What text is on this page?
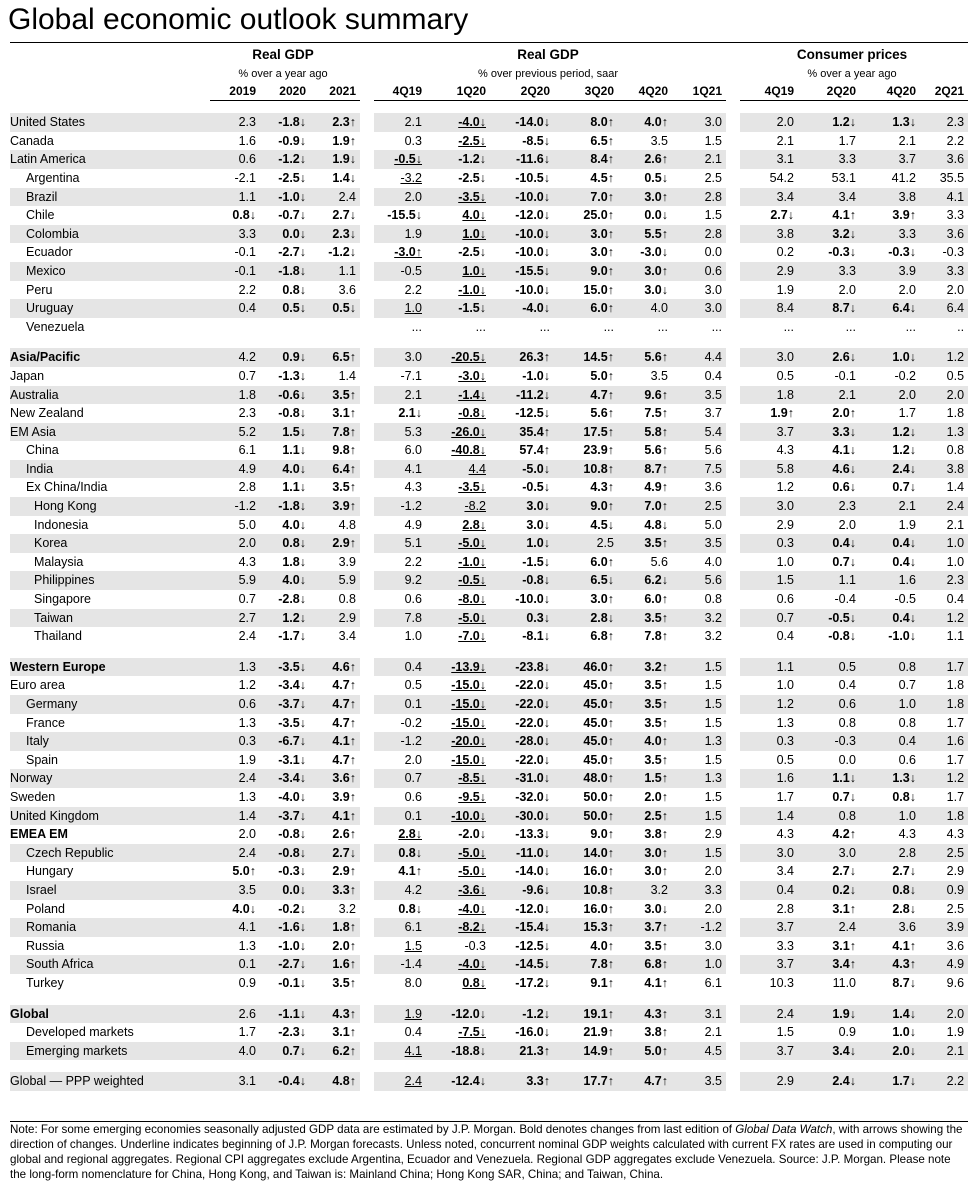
Global economic outlook summary
	Real GDP				Real GDP							Consumer prices			
	% over a year ago				% over previous period, saar							% over a year ago			
	2019	2020	2021		4Q19	1Q20	2Q20	3Q20	4Q20	1Q21		4Q19	2Q20	4Q20	2Q21

United States	2.3	-1.8↓	2.3↑		2.1	-4.0↓	-14.0↓	8.0↑	4.0↑	3.0		2.0	1.2↓	1.3↓	2.3
Canada	1.6	-0.9↓	1.9↑		0.3	-2.5↓	-8.5↓	6.5↑	3.5	1.5		2.1	1.7	2.1	2.2
Latin America	0.6	-1.2↓	1.9↓		-0.5↓	-1.2↓	-11.6↓	8.4↑	2.6↑	2.1		3.1	3.3	3.7	3.6
Argentina	-2.1	-2.5↓	1.4↓		-3.2	-2.5↓	-10.5↓	4.5↑	0.5↓	2.5		54.2	53.1	41.2	35.5
Brazil	1.1	-1.0↓	2.4		2.0	-3.5↓	-10.0↓	7.0↑	3.0↑	2.8		3.4	3.4	3.8	4.1
Chile	0.8↓	-0.7↓	2.7↓		-15.5↓	4.0↓	-12.0↓	25.0↑	0.0↓	1.5		2.7↓	4.1↑	3.9↑	3.3
Colombia	3.3	0.0↓	2.3↓		1.9	1.0↓	-10.0↓	3.0↑	5.5↑	2.8		3.8	3.2↓	3.3	3.6
Ecuador	-0.1	-2.7↓	-1.2↓		-3.0↑	-2.5↓	-10.0↓	3.0↑	-3.0↓	0.0		0.2	-0.3↓	-0.3↓	-0.3
Mexico	-0.1	-1.8↓	1.1		-0.5	1.0↓	-15.5↓	9.0↑	3.0↑	0.6		2.9	3.3	3.9	3.3
Peru	2.2	0.8↓	3.6		2.2	-1.0↓	-10.0↓	15.0↑	3.0↓	3.0		1.9	2.0	2.0	2.0
Uruguay	0.4	0.5↓	0.5↓		1.0	-1.5↓	-4.0↓	6.0↑	4.0	3.0		8.4	8.7↓	6.4↓	6.4
Venezuela					...	...	...	...	...	...		...	...	...	..

Asia/Pacific	4.2	0.9↓	6.5↑		3.0	-20.5↓	26.3↑	14.5↑	5.6↑	4.4		3.0	2.6↓	1.0↓	1.2
Japan	0.7	-1.3↓	1.4		-7.1	-3.0↓	-1.0↓	5.0↑	3.5	0.4		0.5	-0.1	-0.2	0.5
Australia	1.8	-0.6↓	3.5↑		2.1	-1.4↓	-11.2↓	4.7↑	9.6↑	3.5		1.8	2.1	2.0	2.0
New Zealand	2.3	-0.8↓	3.1↑		2.1↓	-0.8↓	-12.5↓	5.6↑	7.5↑	3.7		1.9↑	2.0↑	1.7	1.8
EM Asia	5.2	1.5↓	7.8↑		5.3	-26.0↓	35.4↑	17.5↑	5.8↑	5.4		3.7	3.3↓	1.2↓	1.3
China	6.1	1.1↓	9.8↑		6.0	-40.8↓	57.4↑	23.9↑	5.6↑	5.6		4.3	4.1↓	1.2↓	0.8
India	4.9	4.0↓	6.4↑		4.1	4.4	-5.0↓	10.8↑	8.7↑	7.5		5.8	4.6↓	2.4↓	3.8
Ex China/India	2.8	1.1↓	3.5↑		4.3	-3.5↓	-0.5↓	4.3↑	4.9↑	3.6		1.2	0.6↓	0.7↓	1.4
Hong Kong	-1.2	-1.8↓	3.9↑		-1.2	-8.2	3.0↓	9.0↑	7.0↑	2.5		3.0	2.3	2.1	2.4
Indonesia	5.0	4.0↓	4.8		4.9	2.8↓	3.0↓	4.5↓	4.8↓	5.0		2.9	2.0	1.9	2.1
Korea	2.0	0.8↓	2.9↑		5.1	-5.0↓	1.0↓	2.5	3.5↑	3.5		0.3	0.4↓	0.4↓	1.0
Malaysia	4.3	1.8↓	3.9		2.2	-1.0↓	-1.5↓	6.0↑	5.6	4.0		1.0	0.7↓	0.4↓	1.0
Philippines	5.9	4.0↓	5.9		9.2	-0.5↓	-0.8↓	6.5↓	6.2↓	5.6		1.5	1.1	1.6	2.3
Singapore	0.7	-2.8↓	0.8		0.6	-8.0↓	-10.0↓	3.0↑	6.0↑	0.8		0.6	-0.4	-0.5	0.4
Taiwan	2.7	1.2↓	2.9		7.8	-5.0↓	0.3↓	2.8↓	3.5↑	3.2		0.7	-0.5↓	0.4↓	1.2
Thailand	2.4	-1.7↓	3.4		1.0	-7.0↓	-8.1↓	6.8↑	7.8↑	3.2		0.4	-0.8↓	-1.0↓	1.1

Western Europe	1.3	-3.5↓	4.6↑		0.4	-13.9↓	-23.8↓	46.0↑	3.2↑	1.5		1.1	0.5	0.8	1.7
Euro area	1.2	-3.4↓	4.7↑		0.5	-15.0↓	-22.0↓	45.0↑	3.5↑	1.5		1.0	0.4	0.7	1.8
Germany	0.6	-3.7↓	4.7↑		0.1	-15.0↓	-22.0↓	45.0↑	3.5↑	1.5		1.2	0.6	1.0	1.8
France	1.3	-3.5↓	4.7↑		-0.2	-15.0↓	-22.0↓	45.0↑	3.5↑	1.5		1.3	0.8	0.8	1.7
Italy	0.3	-6.7↓	4.1↑		-1.2	-20.0↓	-28.0↓	45.0↑	4.0↑	1.3		0.3	-0.3	0.4	1.6
Spain	1.9	-3.1↓	4.7↑		2.0	-15.0↓	-22.0↓	45.0↑	3.5↑	1.5		0.5	0.0	0.6	1.7
Norway	2.4	-3.4↓	3.6↑		0.7	-8.5↓	-31.0↓	48.0↑	1.5↑	1.3		1.6	1.1↓	1.3↓	1.2
Sweden	1.3	-4.0↓	3.9↑		0.6	-9.5↓	-32.0↓	50.0↑	2.0↑	1.5		1.7	0.7↓	0.8↓	1.7
United Kingdom	1.4	-3.7↓	4.1↑		0.1	-10.0↓	-30.0↓	50.0↑	2.5↑	1.5		1.4	0.8	1.0	1.8
EMEA EM	2.0	-0.8↓	2.6↑		2.8↓	-2.0↓	-13.3↓	9.0↑	3.8↑	2.9		4.3	4.2↑	4.3	4.3
Czech Republic	2.4	-0.8↓	2.7↓		0.8↓	-5.0↓	-11.0↓	14.0↑	3.0↑	1.5		3.0	3.0	2.8	2.5
Hungary	5.0↑	-0.3↓	2.9↑		4.1↑	-5.0↓	-14.0↓	16.0↑	3.0↑	2.0		3.4	2.7↓	2.7↓	2.9
Israel	3.5	0.0↓	3.3↑		4.2	-3.6↓	-9.6↓	10.8↑	3.2	3.3		0.4	0.2↓	0.8↓	0.9
Poland	4.0↓	-0.2↓	3.2		0.8↓	-4.0↓	-12.0↓	16.0↑	3.0↓	2.0		2.8	3.1↑	2.8↓	2.5
Romania	4.1	-1.6↓	1.8↑		6.1	-8.2↓	-15.4↓	15.3↑	3.7↑	-1.2		3.7	2.4	3.6	3.9
Russia	1.3	-1.0↓	2.0↑		1.5	-0.3	-12.5↓	4.0↑	3.5↑	3.0		3.3	3.1↑	4.1↑	3.6
South Africa	0.1	-2.7↓	1.6↑		-1.4	-4.0↓	-14.5↓	7.8↑	6.8↑	1.0		3.7	3.4↑	4.3↑	4.9
Turkey	0.9	-0.1↓	3.5↑		8.0	0.8↓	-17.2↓	9.1↑	4.1↑	6.1		10.3	11.0	8.7↓	9.6

Global	2.6	-1.1↓	4.3↑		1.9	-12.0↓	-1.2↓	19.1↑	4.3↑	3.1		2.4	1.9↓	1.4↓	2.0
Developed markets	1.7	-2.3↓	3.1↑		0.4	-7.5↓	-16.0↓	21.9↑	3.8↑	2.1		1.5	0.9	1.0↓	1.9
Emerging markets	4.0	0.7↓	6.2↑		4.1	-18.8↓	21.3↑	14.9↑	5.0↑	4.5		3.7	3.4↓	2.0↓	2.1

Global — PPP weighted	3.1	-0.4↓	4.8↑		2.4	-12.4↓	3.3↑	17.7↑	4.7↑	3.5		2.9	2.4↓	1.7↓	2.2
Note: For some emerging economies seasonally adjusted GDP data are estimated by J.P. Morgan. Bold denotes changes from last edition of Global Data Watch, with arrows showing the direction of changes. Underline indicates beginning of J.P. Morgan forecasts. Unless noted, concurrent nominal GDP weights calculated with current FX rates are used in computing our global and regional aggregates. Regional CPI aggregates exclude Argentina, Ecuador and Venezuela. Regional GDP aggregates exclude Venezuela. Source: J.P. Morgan. Please note the long-form nomenclature for China, Hong Kong, and Taiwan is: Mainland China; Hong Kong SAR, China; and Taiwan, China.
